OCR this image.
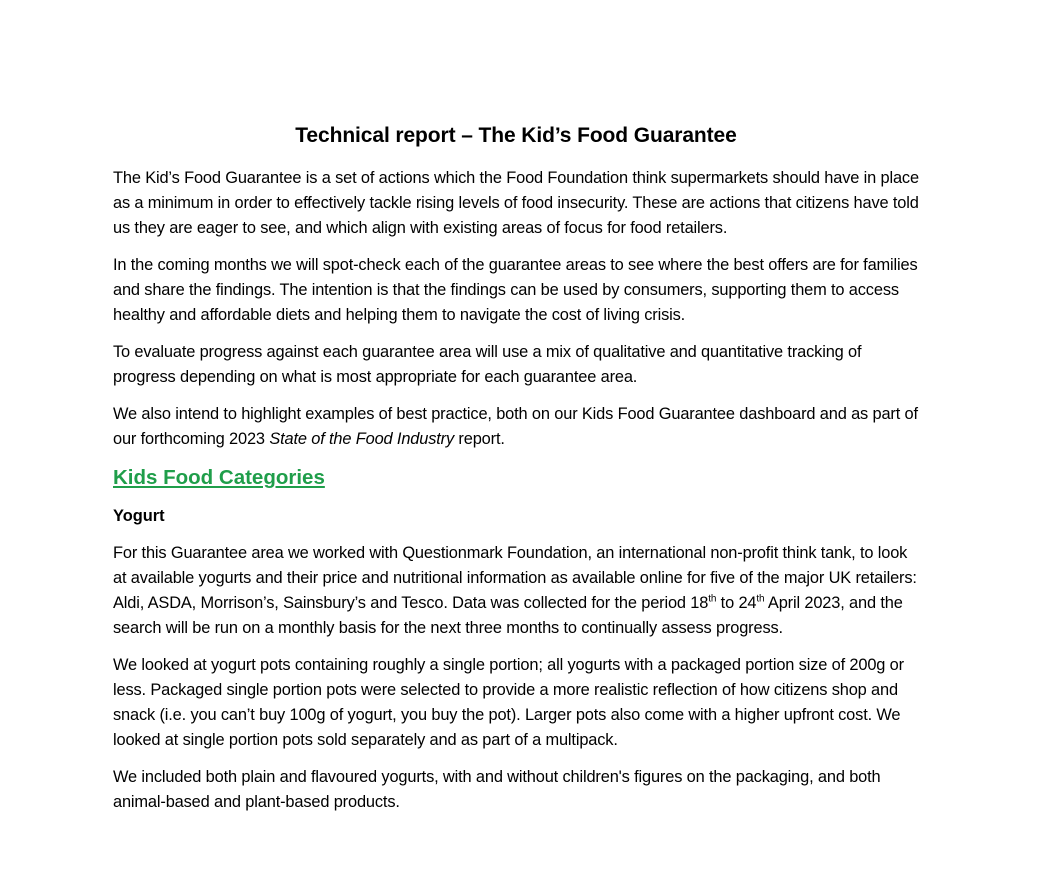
Technical report – The Kid’s Food Guarantee

The Kid’s Food Guarantee is a set of actions which the Food Foundation think supermarkets should have in place as a minimum in order to effectively tackle rising levels of food insecurity. These are actions that citizens have told us they are eager to see, and which align with existing areas of focus for food retailers.

In the coming months we will spot-check each of the guarantee areas to see where the best offers are for families and share the findings. The intention is that the findings can be used by consumers, supporting them to access healthy and affordable diets and helping them to navigate the cost of living crisis.

To evaluate progress against each guarantee area will use a mix of qualitative and quantitative tracking of progress depending on what is most appropriate for each guarantee area.

We also intend to highlight examples of best practice, both on our Kids Food Guarantee dashboard and as part of our forthcoming 2023 State of the Food Industry report.

Kids Food Categories
Yogurt

For this Guarantee area we worked with Questionmark Foundation, an international non-profit think tank, to look at available yogurts and their price and nutritional information as available online for five of the major UK retailers: Aldi, ASDA, Morrison’s, Sainsbury’s and Tesco. Data was collected for the period 18th to 24th April 2023, and the search will be run on a monthly basis for the next three months to continually assess progress.

We looked at yogurt pots containing roughly a single portion; all yogurts with a packaged portion size of 200g or less. Packaged single portion pots were selected to provide a more realistic reflection of how citizens shop and snack (i.e. you can’t buy 100g of yogurt, you buy the pot). Larger pots also come with a higher upfront cost. We looked at single portion pots sold separately and as part of a multipack.

We included both plain and flavoured yogurts, with and without children's figures on the packaging, and both animal-based and plant-based products.
